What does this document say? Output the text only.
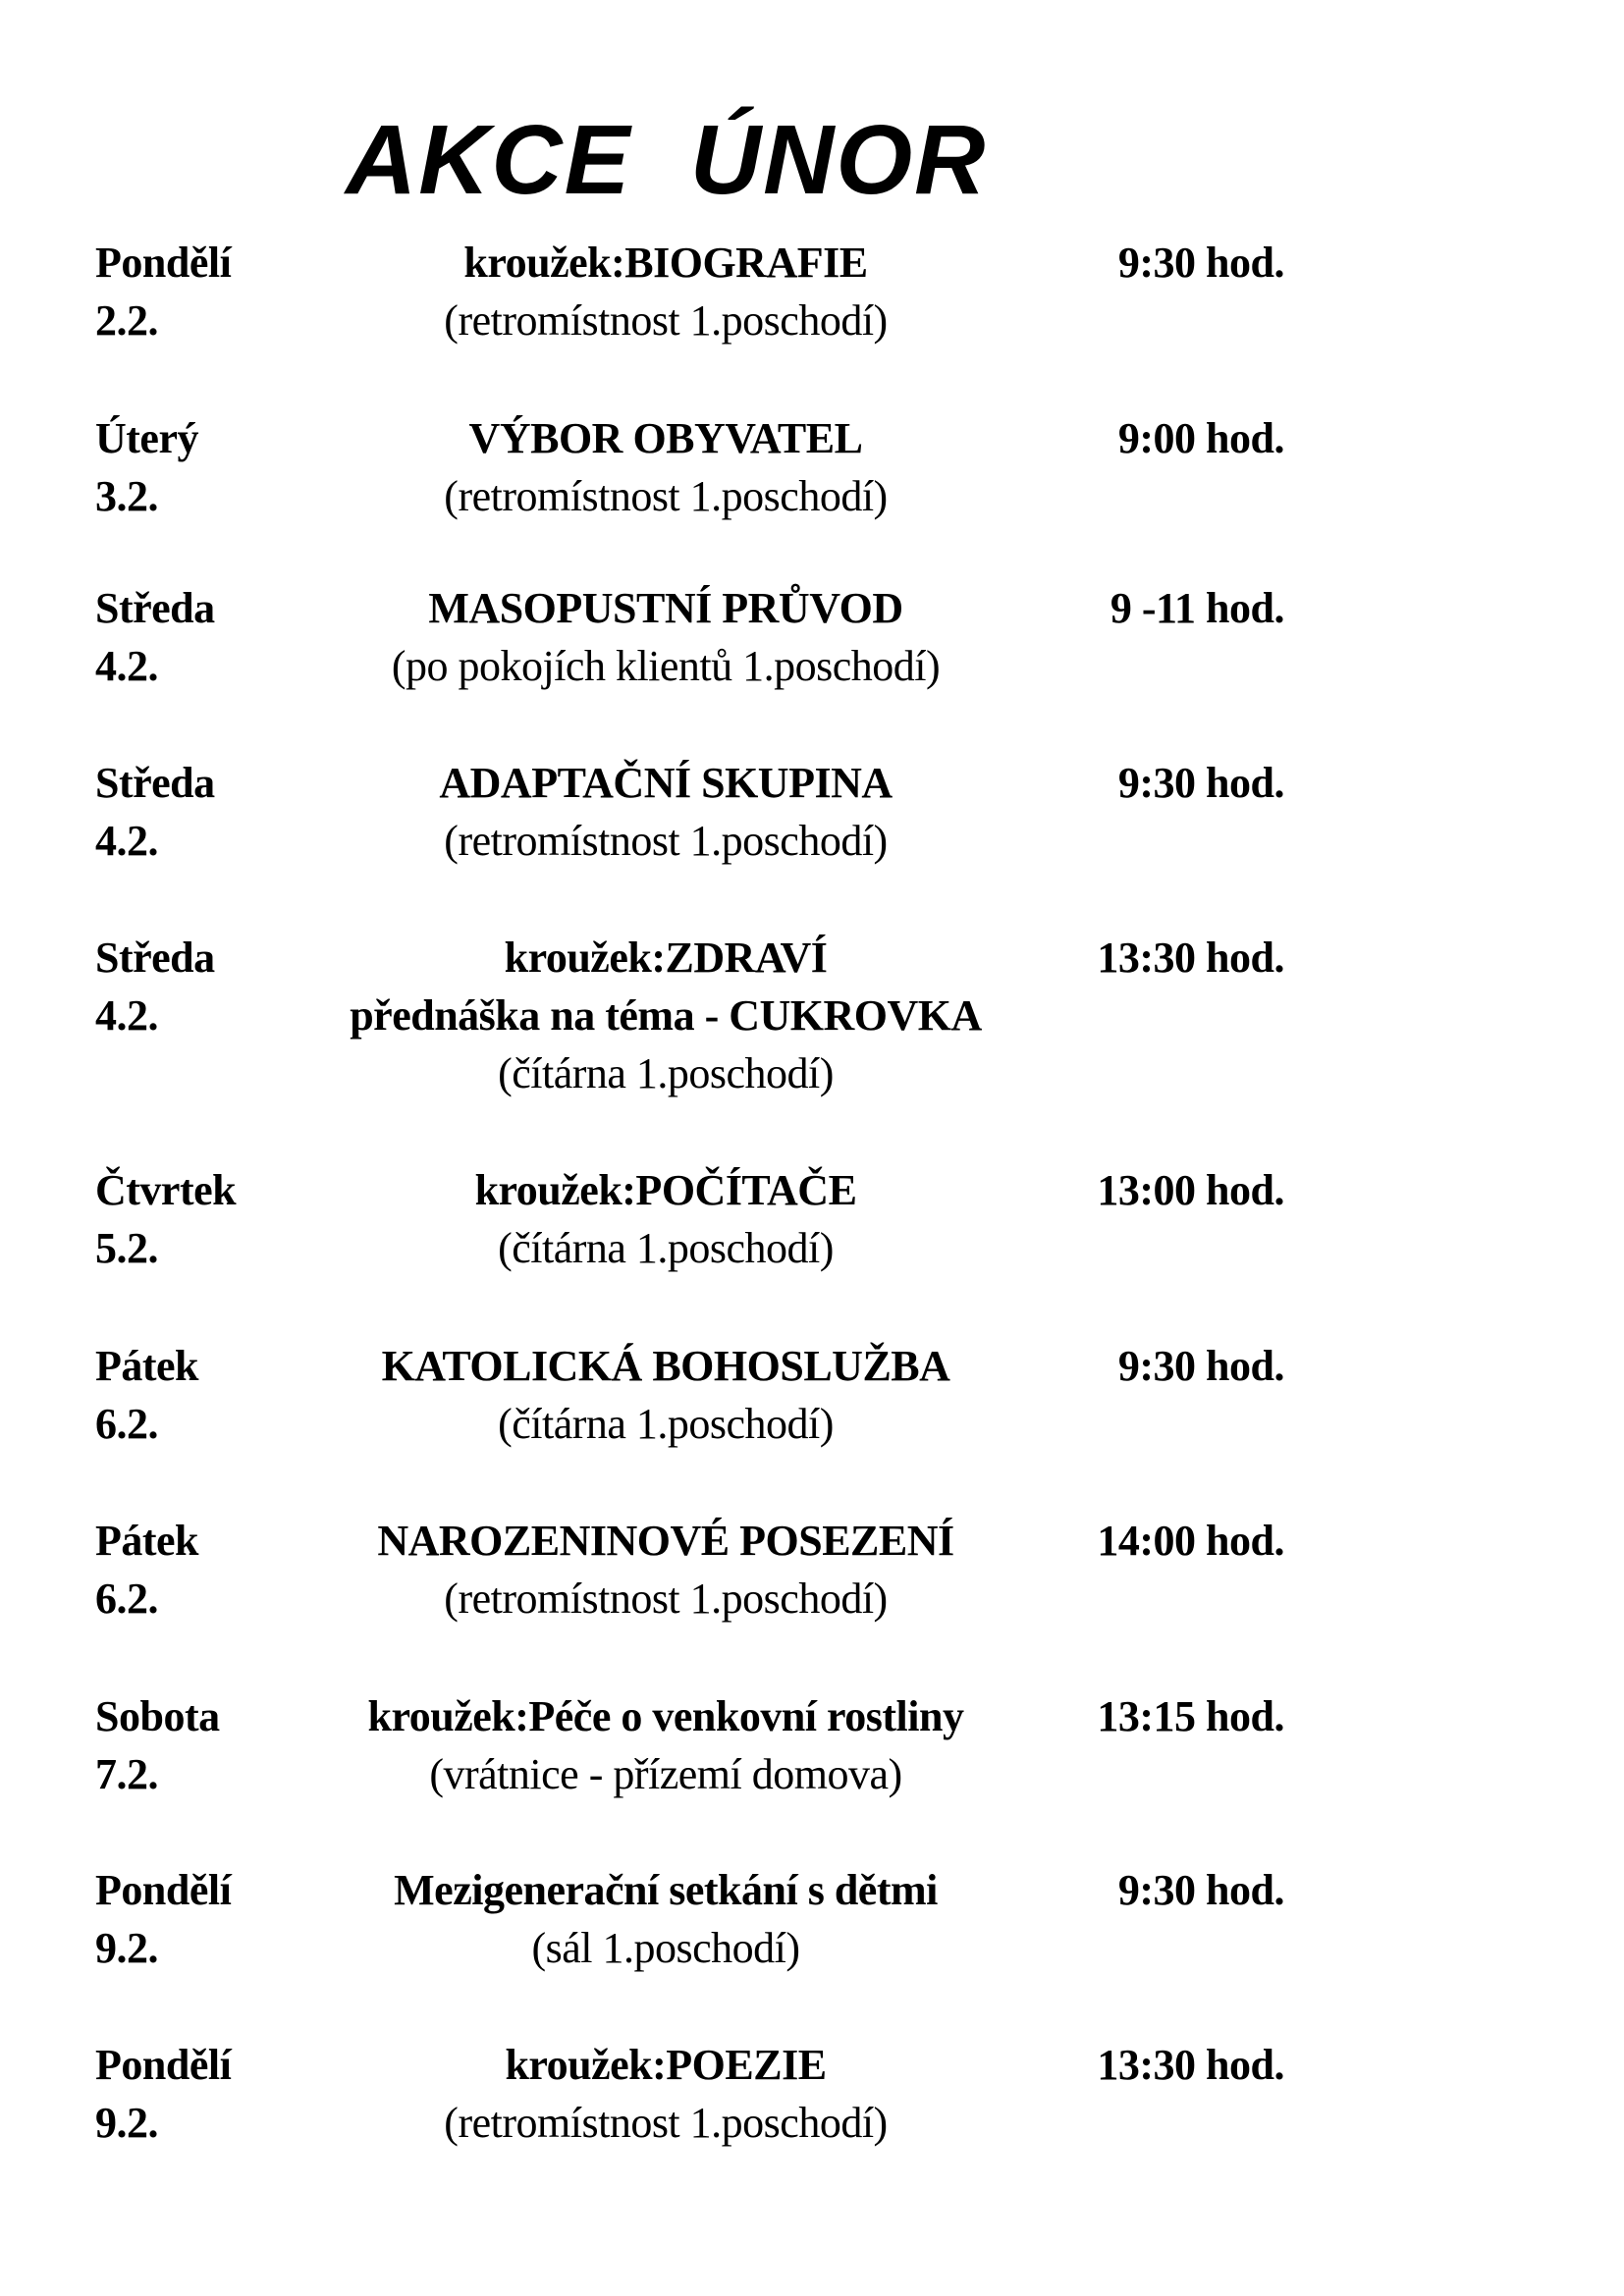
AKCE  ÚNOR
Pondělí	kroužek:BIOGRAFIE	9:30 hod.
2.2.	(retromístnost 1.poschodí)
Úterý	VÝBOR OBYVATEL	9:00 hod.
3.2.	(retromístnost 1.poschodí)
Středa	MASOPUSTNÍ PRŮVOD	9 -11 hod.
4.2.	(po pokojích klientů 1.poschodí)
Středa	ADAPTAČNÍ SKUPINA	9:30 hod.
4.2.	(retromístnost 1.poschodí)
Středa	kroužek:ZDRAVÍ	13:30 hod.
4.2.	přednáška na téma - CUKROVKA
(čítárna 1.poschodí)
Čtvrtek	kroužek:POČÍTAČE	13:00 hod.
5.2.	(čítárna 1.poschodí)
Pátek	KATOLICKÁ BOHOSLUŽBA	9:30 hod.
6.2.	(čítárna 1.poschodí)
Pátek	NAROZENINOVÉ POSEZENÍ	14:00 hod.
6.2.	(retromístnost 1.poschodí)
Sobota	kroužek:Péče o venkovní rostliny	13:15 hod.
7.2.	(vrátnice - přízemí domova)
Pondělí	Mezigenerační setkání s dětmi	9:30 hod.
9.2.	(sál 1.poschodí)
Pondělí	kroužek:POEZIE	13:30 hod.
9.2.	(retromístnost 1.poschodí)
